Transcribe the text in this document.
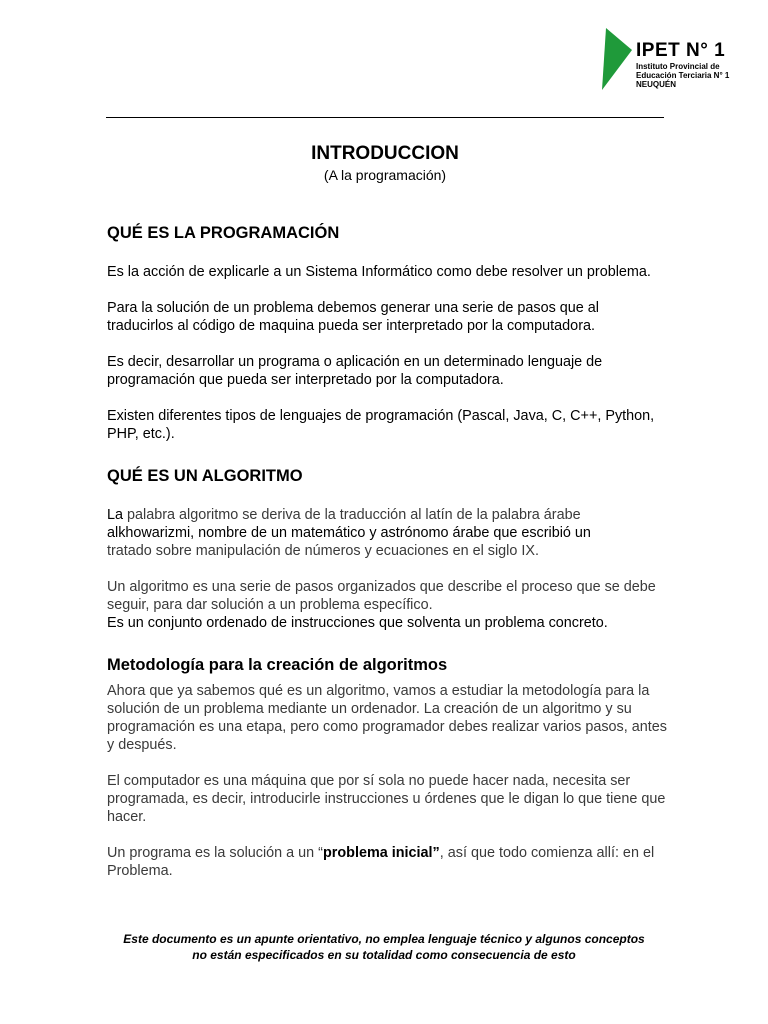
IPET N° 1
Instituto Provincial de
Educación Terciaria N° 1
NEUQUÉN
INTRODUCCION
(A la programación)
QUÉ ES LA PROGRAMACIÓN

Es la acción de explicarle a un Sistema Informático como debe resolver un problema.

Para la solución de un problema debemos generar una serie de pasos que al traducirlos al código de maquina pueda ser interpretado por la computadora.

Es decir, desarrollar un programa o aplicación en un determinado lenguaje de programación que pueda ser interpretado por la computadora.

Existen diferentes tipos de lenguajes de programación (Pascal, Java, C, C++, Python, PHP, etc.).

QUÉ ES UN ALGORITMO

La palabra algoritmo se deriva de la traducción al latín de la palabra árabe
alkhowarizmi, nombre de un matemático y astrónomo árabe que escribió un
tratado sobre manipulación de números y ecuaciones en el siglo IX.

Un algoritmo es una serie de pasos organizados que describe el proceso que se debe seguir, para dar solución a un problema específico.

Es un conjunto ordenado de instrucciones que solventa un problema concreto.

Metodología para la creación de algoritmos

Ahora que ya sabemos qué es un algoritmo, vamos a estudiar la metodología para la solución de un problema mediante un ordenador. La creación de un algoritmo y su programación es una etapa, pero como programador debes realizar varios pasos, antes y después.

El computador es una máquina que por sí sola no puede hacer nada, necesita ser programada, es decir, introducirle instrucciones u órdenes que le digan lo que tiene que hacer.

Un programa es la solución a un “problema inicial”, así que todo comienza allí: en el Problema.

Este documento es un apunte orientativo, no emplea lenguaje técnico y algunos conceptos
no están especificados en su totalidad como consecuencia de esto
